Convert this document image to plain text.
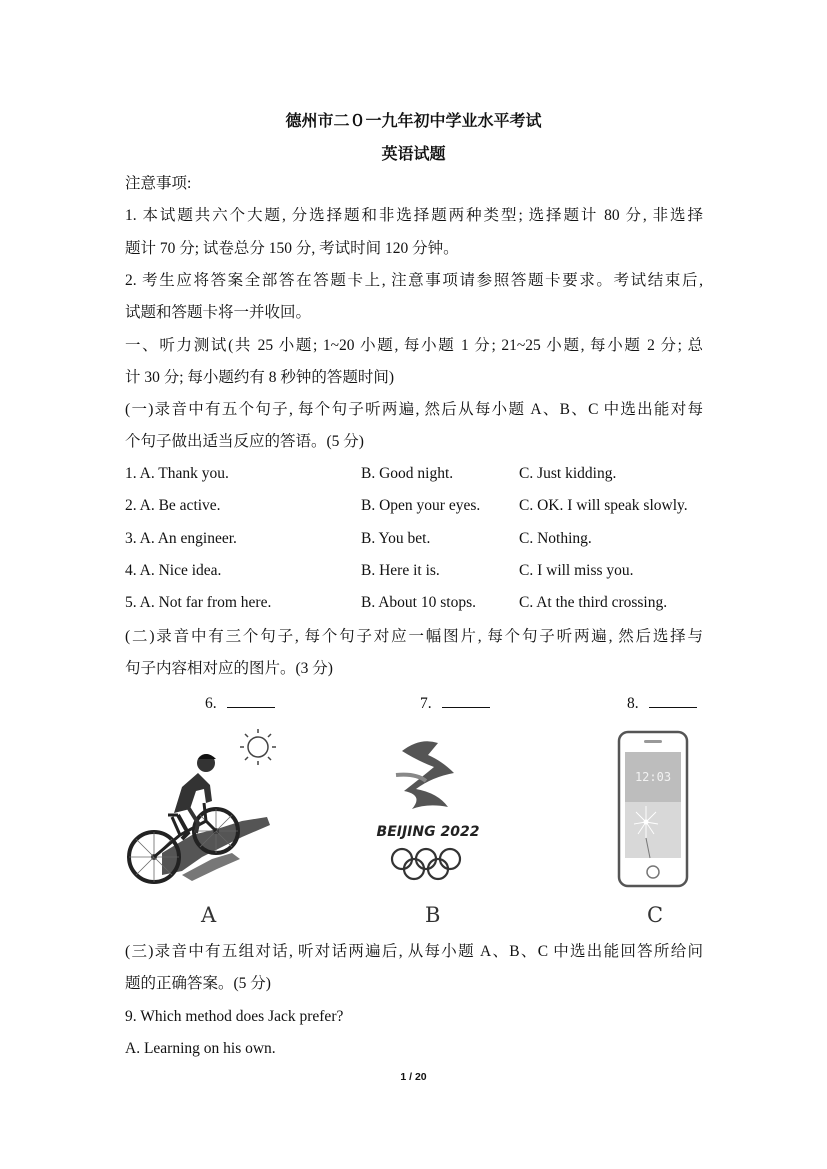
德州市二０一九年初中学业水平考试
英语试题
注意事项:
1. 本试题共六个大题, 分选择题和非选择题两种类型; 选择题计 80 分, 非选择
题计 70 分; 试卷总分 150 分, 考试时间 120 分钟。
2. 考生应将答案全部答在答题卡上, 注意事项请参照答题卡要求。考试结束后,
试题和答题卡将一并收回。
一、听力测试(共 25 小题; 1~20 小题, 每小题 1 分; 21~25 小题, 每小题 2 分; 总
计 30 分; 每小题约有 8 秒钟的答题时间)
(一)录音中有五个句子, 每个句子听两遍, 然后从每小题 A、B、C 中选出能对每
个句子做出适当反应的答语。(5 分)
1. A. Thank you.	B. Good night.	C. Just kidding.
2. A. Be active.	B. Open your eyes.	C. OK. I will speak slowly.
3. A. An engineer.	B. You bet.	C. Nothing.
4. A. Nice idea.	B. Here it is.	C. I will miss you.
5. A. Not far from here.	B. About 10 stops.	C. At the third crossing.
(二)录音中有三个句子, 每个句子对应一幅图片, 每个句子听两遍, 然后选择与
句子内容相对应的图片。(3 分)
6.	7.	8.
A
BEIJING 2022
B
12:03
C
(三)录音中有五组对话, 听对话两遍后, 从每小题 A、B、C 中选出能回答所给问
题的正确答案。(5 分)
9. Which method does Jack prefer?
A. Learning on his own.
1 / 20
